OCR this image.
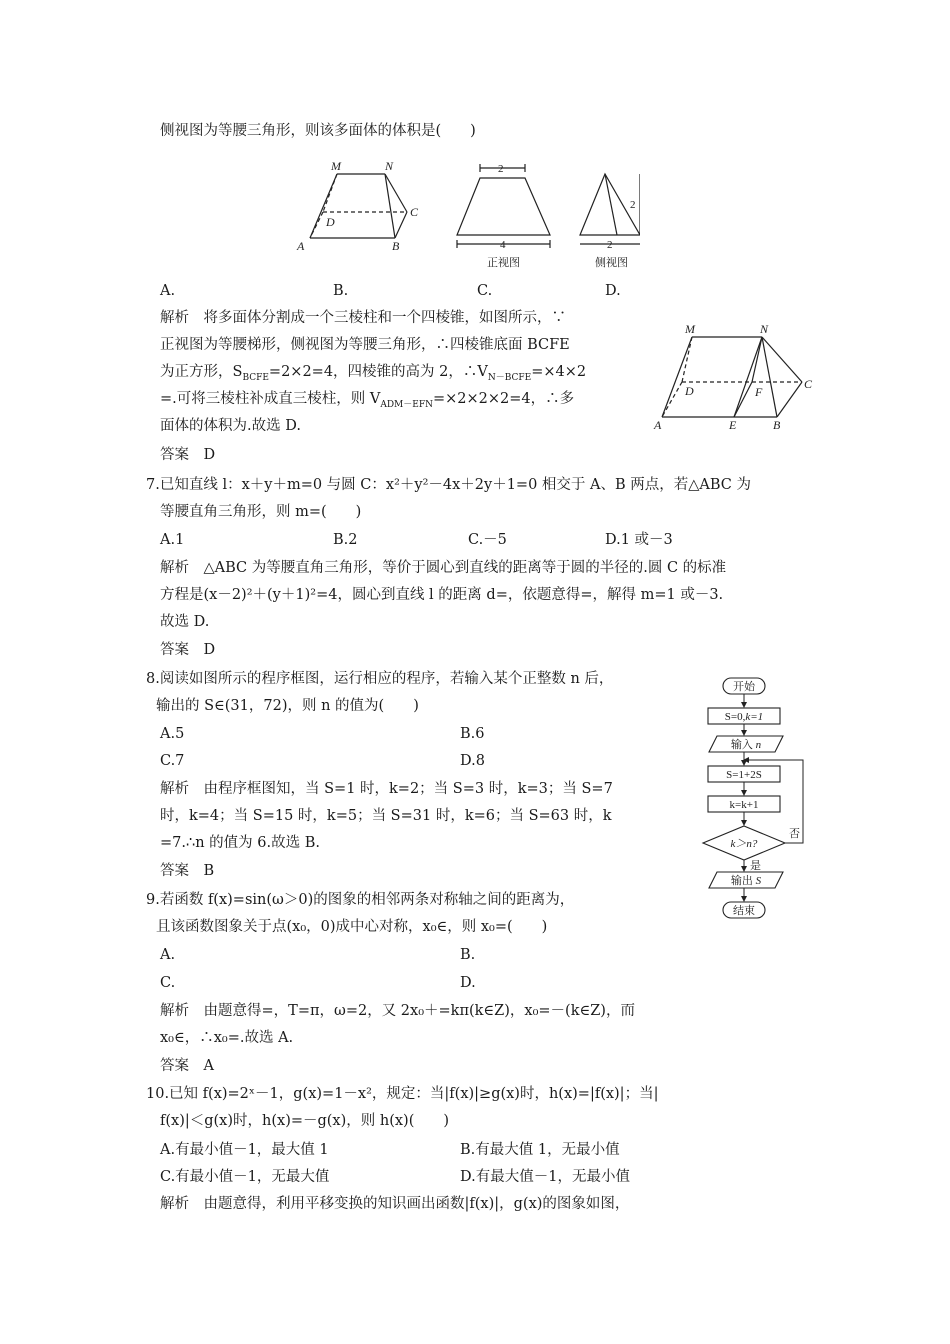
侧视图为等腰三角形，则该多面体的体积是(　　)
M	N
A	B
C
D
2
4
2
2
正视图	侧视图
A.	B.	C.	D.
解析　将多面体分割成一个三棱柱和一个四棱锥，如图所示，∵
正视图为等腰梯形，侧视图为等腰三角形，∴四棱锥底面 BCFE
为正方形，$S_{BCFE}=2\times 2=4$，四棱锥的高为 2，$\therefore V_{N-BCFE}=\times 4\times 2$
=.可将三棱柱补成直三棱柱，则 $V_{ADM-EFN}=\times 2\times 2\times 2=4$，∴多
面体的体积为.故选 D.
答案　D
M	N
C
D	F
A	E	B
7.已知直线 l：x＋y＋m=0 与圆 C：x²＋y²－4x＋2y＋1=0 相交于 A、B 两点，若△ABC 为
等腰直角三角形，则 m=(　　)
A.1	B.2	C.－5	D.1 或－3
解析　△ABC 为等腰直角三角形，等价于圆心到直线的距离等于圆的半径的.圆 C 的标准
方程是(x－2)²＋(y＋1)²=4，圆心到直线 l 的距离 d=，依题意得=，解得 m=1 或－3.
故选 D.
答案　D
8.阅读如图所示的程序框图，运行相应的程序，若输入某个正整数 n 后，
输出的 S∈(31，72)，则 n 的值为(　　)
A.5	B.6
C.7	D.8
解析　由程序框图知，当 S=1 时，k=2；当 S=3 时，k=3；当 S=7
时，k=4；当 S=15 时，k=5；当 S=31 时，k=6；当 S=63 时，k
=7.∴n 的值为 6.故选 B.
答案　B
开始
S=0,k=1
输入 n
S=1+2S
k=k+1
k＞n?
否
是
输出 S
结束
9.若函数 f(x)=sin(ω＞0)的图象的相邻两条对称轴之间的距离为，
且该函数图象关于点(x₀，0)成中心对称，x₀∈，则 x₀=(　　)
A.	B.
C.	D.
解析　由题意得=，T=π，ω=2，又 2x₀＋=kπ(k∈Z)，x₀=－(k∈Z)，而
x₀∈，∴x₀=.故选 A.
答案　A
10.已知 f(x)=2ˣ－1，g(x)=1－x²，规定：当|f(x)|≥g(x)时，h(x)=|f(x)|；当|
f(x)|＜g(x)时，h(x)=－g(x)，则 h(x)(　　)
A.有最小值－1，最大值 1	B.有最大值 1，无最小值
C.有最小值－1，无最大值	D.有最大值－1，无最小值
解析　由题意得，利用平移变换的知识画出函数|f(x)|，g(x)的图象如图，
